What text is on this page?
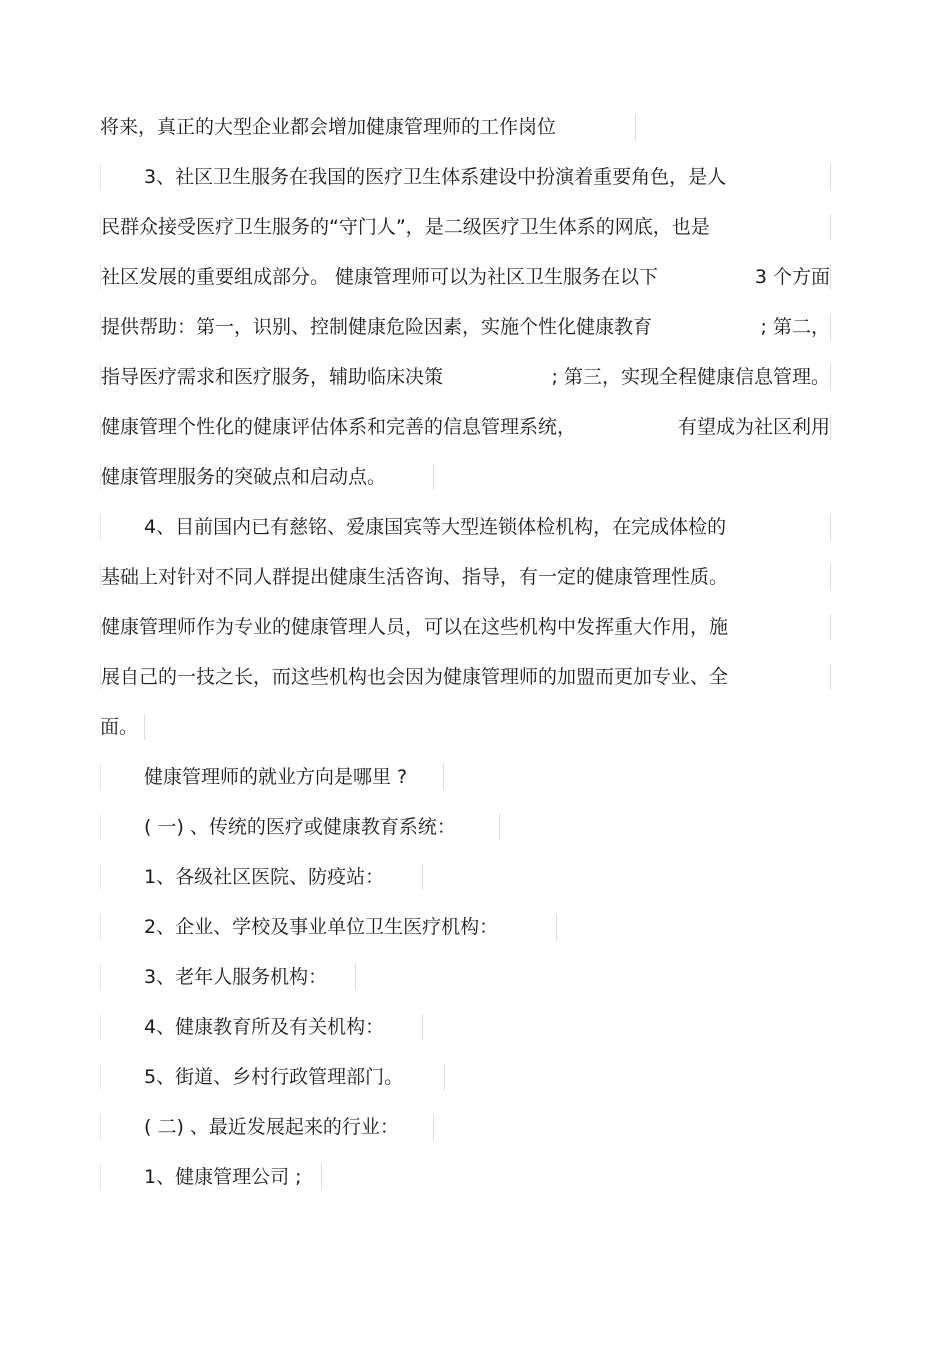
将来，真正的大型企业都会增加健康管理师的工作岗位
3、社区卫生服务在我国的医疗卫生体系建设中扮演着重要角色，是人
民群众接受医疗卫生服务的“守门人”，是二级医疗卫生体系的网底，也是
社区发展的重要组成部分。 健康管理师可以为社区卫生服务在以下	3 个方面
提供帮助：第一，识别、控制健康危险因素，实施个性化健康教育	; 第二，
指导医疗需求和医疗服务，辅助临床决策	; 第三，实现全程健康信息管理。
健康管理个性化的健康评估体系和完善的信息管理系统，	有望成为社区利用
健康管理服务的突破点和启动点。
4、目前国内已有慈铭、爱康国宾等大型连锁体检机构，在完成体检的
基础上对针对不同人群提出健康生活咨询、指导，有一定的健康管理性质。
健康管理师作为专业的健康管理人员，可以在这些机构中发挥重大作用，施
展自己的一技之长，而这些机构也会因为健康管理师的加盟而更加专业、全
面。
健康管理师的就业方向是哪里 ?
( 一) 、传统的医疗或健康教育系统：
1、各级社区医院、防疫站：
2、企业、学校及事业单位卫生医疗机构：
3、老年人服务机构：
4、健康教育所及有关机构：
5、街道、乡村行政管理部门。
( 二) 、最近发展起来的行业：
1、健康管理公司 ;
